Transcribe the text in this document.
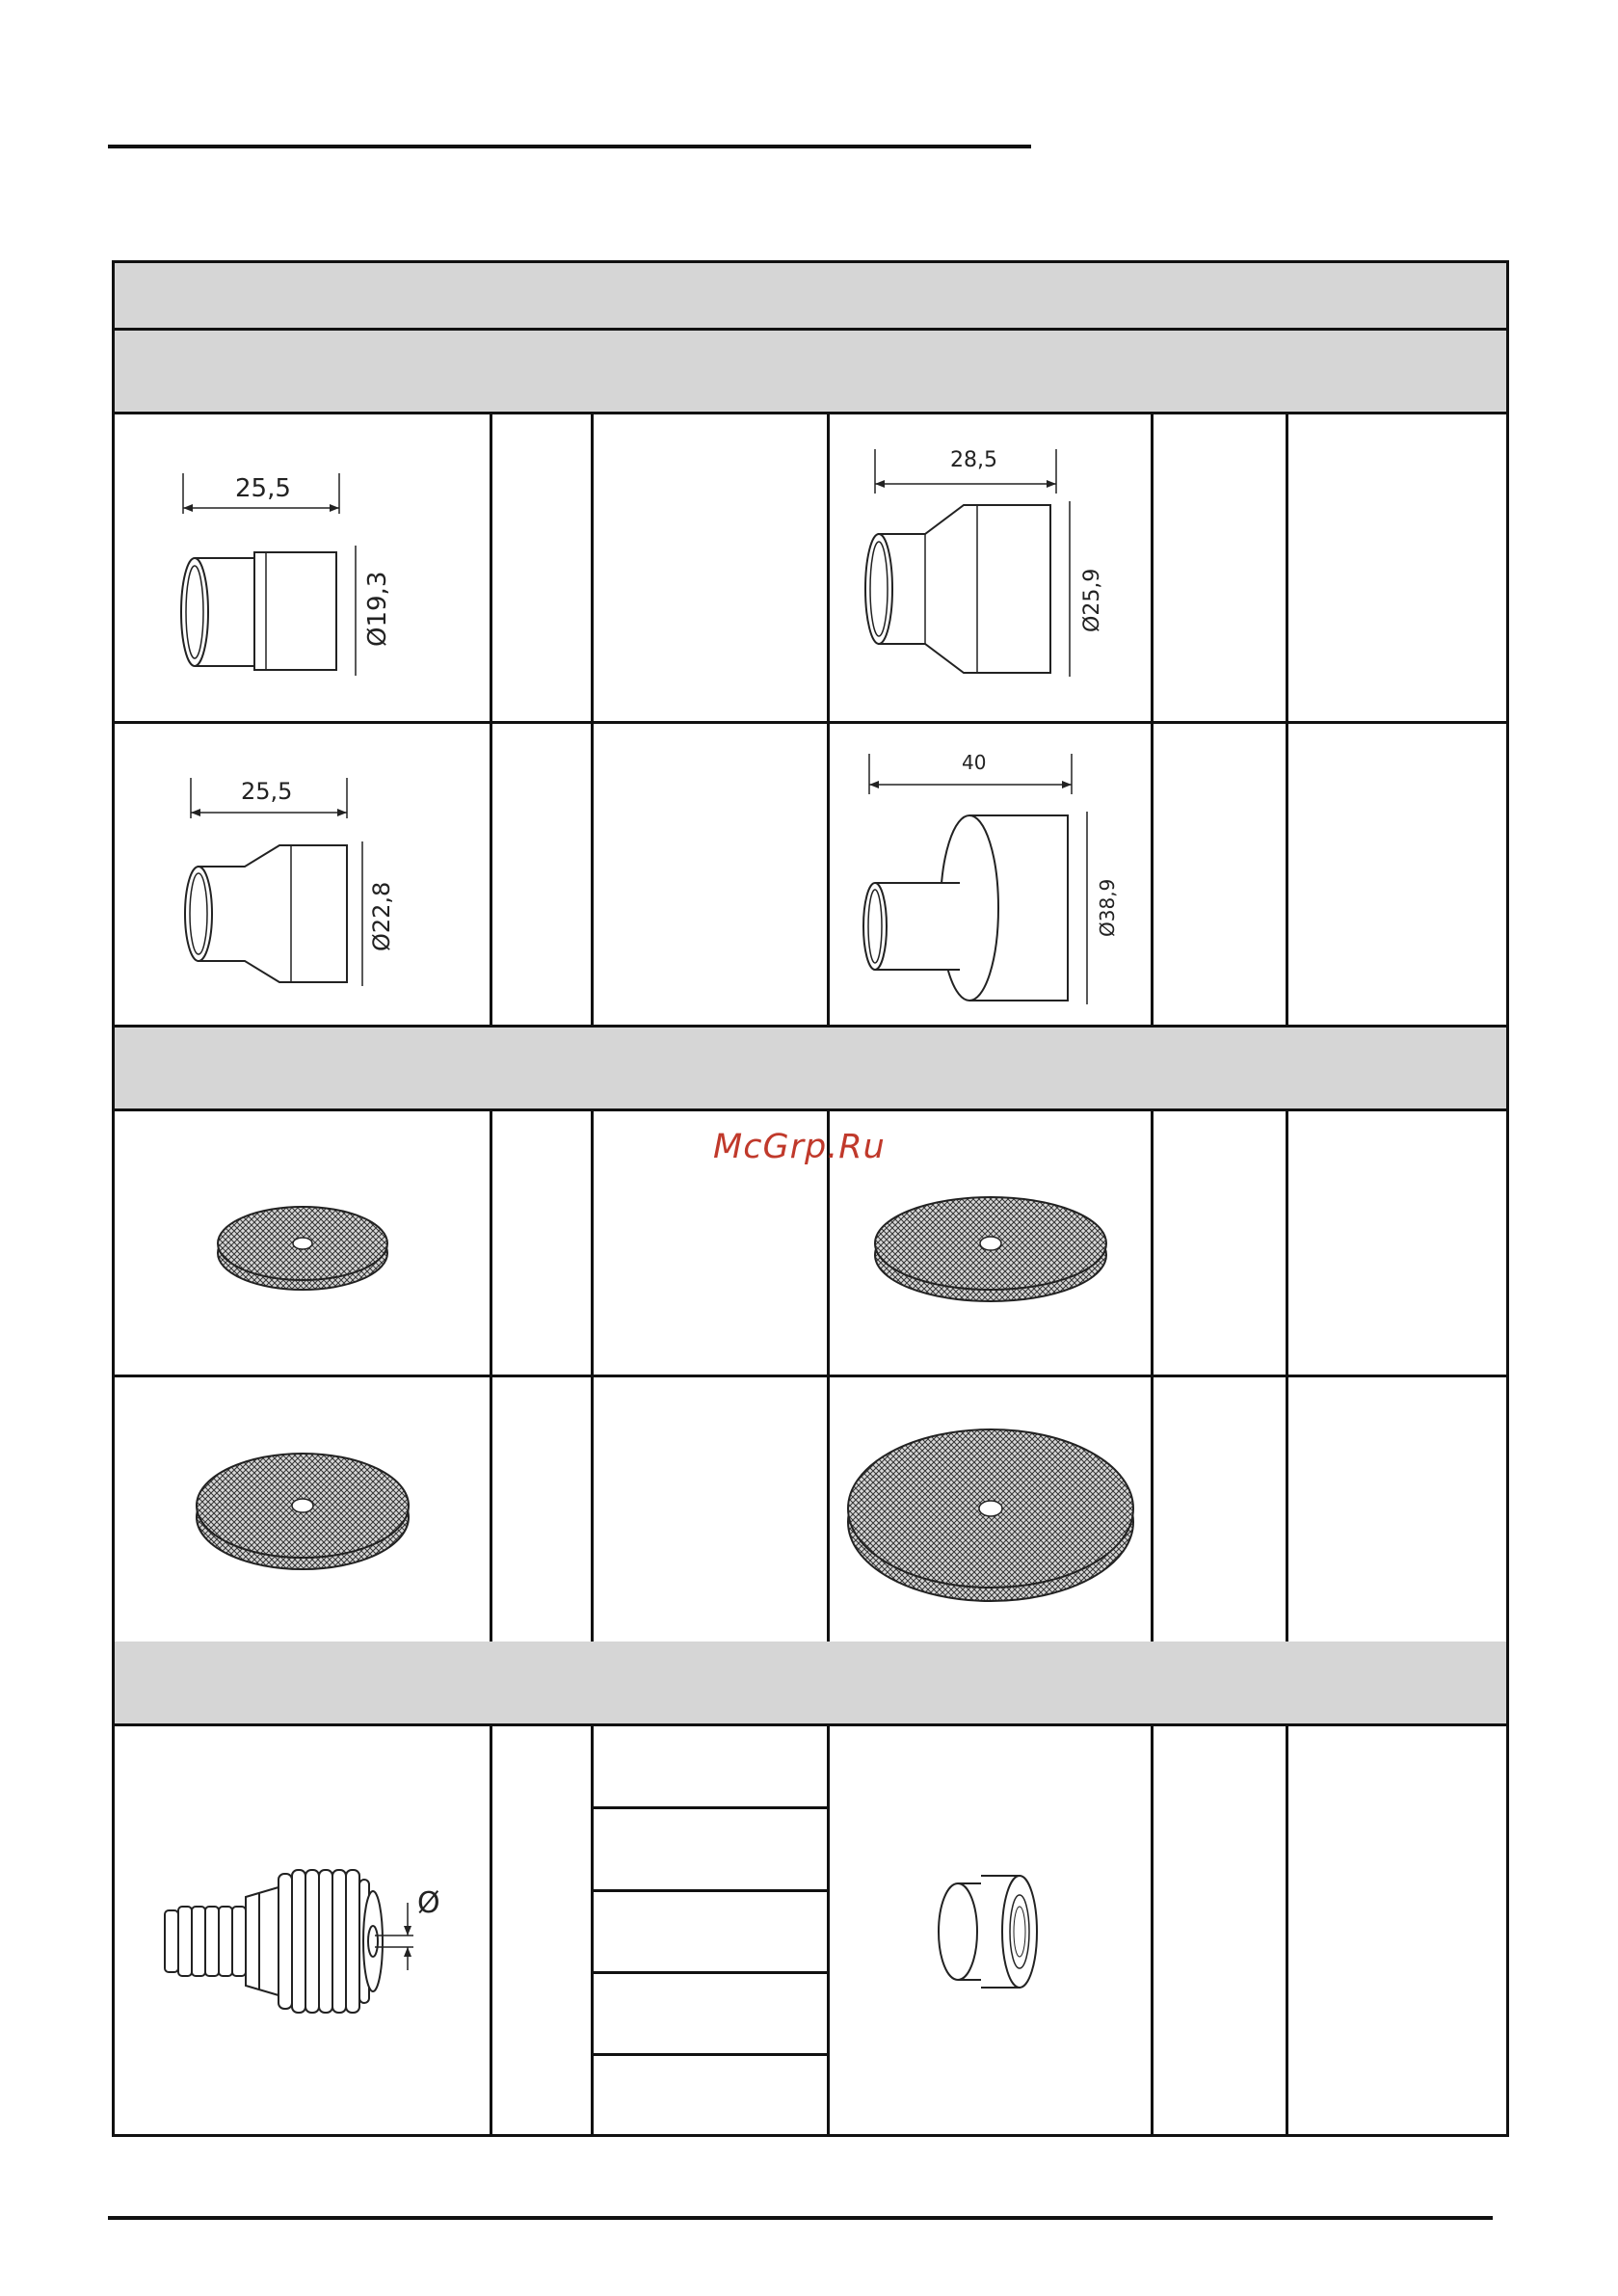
25,5
Ø19,3
28,5
Ø25,9
25,5
Ø22,8
40
Ø38,9
Ø
McGrp.Ru
